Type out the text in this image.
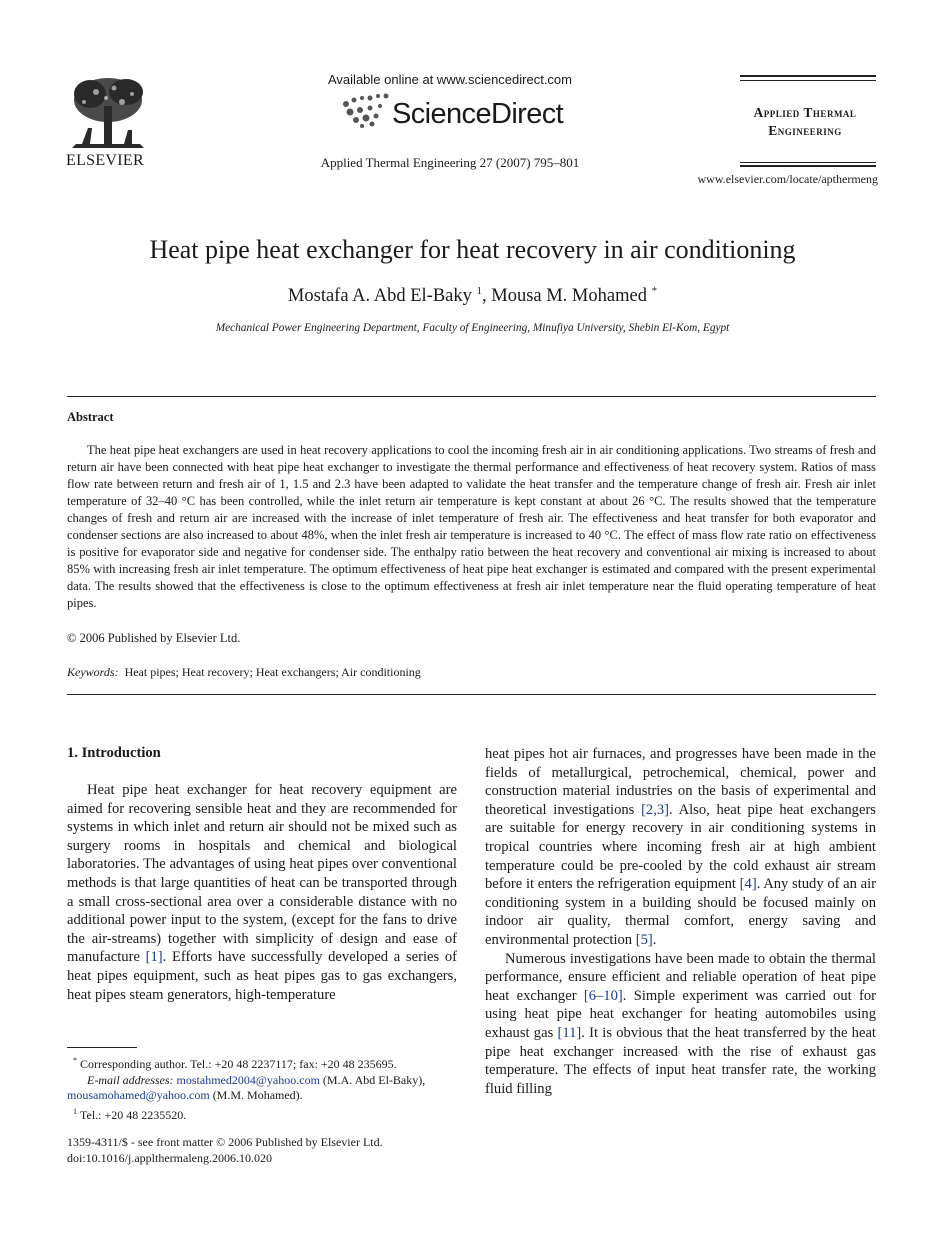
ELSEVIER
Available online at www.sciencedirect.com
ScienceDirect
Applied Thermal Engineering 27 (2007) 795–801
Applied Thermal
Engineering
www.elsevier.com/locate/apthermeng
Heat pipe heat exchanger for heat recovery in air conditioning
Mostafa A. Abd El-Baky $^1$, Mousa M. Mohamed *
Mechanical Power Engineering Department, Faculty of Engineering, Minufiya University, Shebin El-Kom, Egypt
Abstract

The heat pipe heat exchangers are used in heat recovery applications to cool the incoming fresh air in air conditioning applications. Two streams of fresh and return air have been connected with heat pipe heat exchanger to investigate the thermal performance and effectiveness of heat recovery system. Ratios of mass flow rate between return and fresh air of 1, 1.5 and 2.3 have been adapted to validate the heat transfer and the temperature change of fresh air. Fresh air inlet temperature of 32–40 °C has been controlled, while the inlet return air temperature is kept constant at about 26 °C. The results showed that the temperature changes of fresh and return air are increased with the increase of inlet temperature of fresh air. The effectiveness and heat transfer for both evaporator and condenser sections are also increased to about 48%, when the inlet fresh air temperature is increased to 40 °C. The effect of mass flow rate ratio on effectiveness is positive for evaporator side and negative for condenser side. The enthalpy ratio between the heat recovery and conventional air mixing is increased to about 85% with increasing fresh air inlet temperature. The optimum effectiveness of heat pipe heat exchanger is estimated and compared with the present experimental data. The results showed that the effectiveness is close to the optimum effectiveness at fresh air inlet temperature near the fluid operating temperature of heat pipes.

© 2006 Published by Elsevier Ltd.
Keywords: Heat pipes; Heat recovery; Heat exchangers; Air conditioning
1. Introduction

Heat pipe heat exchanger for heat recovery equipment are aimed for recovering sensible heat and they are recommended for systems in which inlet and return air should not be mixed such as surgery rooms in hospitals and chemical and biological laboratories. The advantages of using heat pipes over conventional methods is that large quantities of heat can be transported through a small cross-sectional area over a considerable distance with no additional power input to the system, (except for the fans to drive the air-streams) together with simplicity of design and ease of manufacture [1]. Efforts have successfully developed a series of heat pipes equipment, such as heat pipes gas to gas exchangers, heat pipes steam generators, high-temperature

heat pipes hot air furnaces, and progresses have been made in the fields of metallurgical, petrochemical, chemical, power and construction material industries on the basis of experimental and theoretical investigations [2,3]. Also, heat pipe heat exchangers are suitable for energy recovery in air conditioning systems in tropical countries where incoming fresh air at high ambient temperature could be pre-cooled by the cold exhaust air stream before it enters the refrigeration equipment [4]. Any study of an air conditioning system in a building should be focused mainly on indoor air quality, thermal comfort, energy saving and environmental protection [5].

Numerous investigations have been made to obtain the thermal performance, ensure efficient and reliable operation of heat pipe heat exchanger [6–10]. Simple experiment was carried out for using heat pipe heat exchanger for heating automobiles using exhaust gas [11]. It is obvious that the heat transferred by the heat pipe heat exchanger increased with the rise of exhaust gas temperature. The effects of input heat transfer rate, the working fluid filling

* Corresponding author. Tel.: +20 48 2237117; fax: +20 48 235695.
E-mail addresses: mostahmed2004@yahoo.com (M.A. Abd El-Baky),
mousamohamed@yahoo.com (M.M. Mohamed).
$^1$ Tel.: +20 48 2235520.
1359-4311/$ - see front matter © 2006 Published by Elsevier Ltd.
doi:10.1016/j.applthermaleng.2006.10.020
